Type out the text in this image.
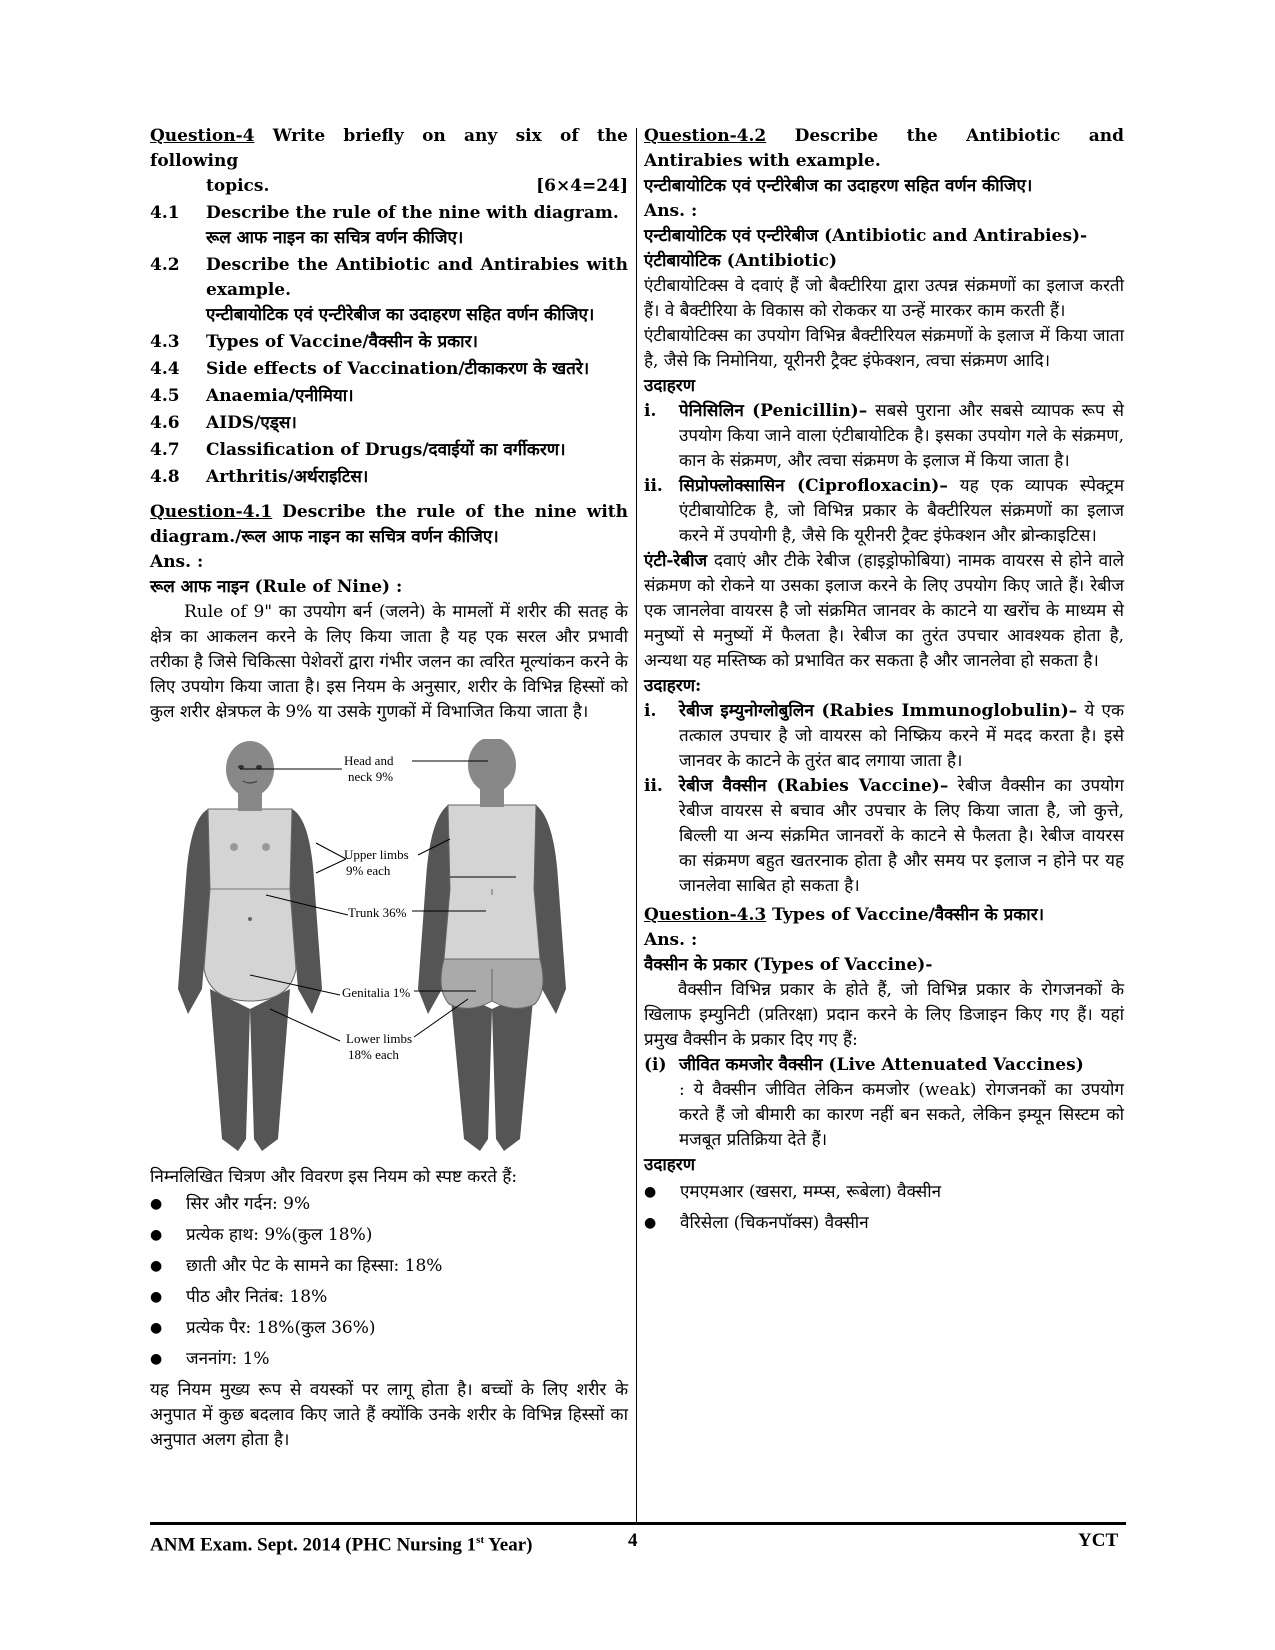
Question-4 Write briefly on any six of the following

topics.	[6×4=24]

4.1	Describe the rule of the nine with diagram.
रूल आफ नाइन का सचित्र वर्णन कीजिए।
4.2	Describe the Antibiotic and Antirabies with example.
एन्टीबायोटिक एवं एन्टीरेबीज का उदाहरण सहित वर्णन कीजिए।
4.3	Types of Vaccine/वैक्सीन के प्रकार।
4.4	Side effects of Vaccination/टीकाकरण के खतरे।
4.5	Anaemia/एनीमिया।
4.6	AIDS/एड्स।
4.7	Classification of Drugs/दवाईयों का वर्गीकरण।
4.8	Arthritis/अर्थराइटिस।

Question-4.1 Describe the rule of the nine with diagram./रूल आफ नाइन का सचित्र वर्णन कीजिए।

Ans. :

रूल आफ नाइन (Rule of Nine) :

Rule of 9" का उपयोग बर्न (जलने) के मामलों में शरीर की सतह के क्षेत्र का आकलन करने के लिए किया जाता है यह एक सरल और प्रभावी तरीका है जिसे चिकित्सा पेशेवरों द्वारा गंभीर जलन का त्वरित मूल्यांकन करने के लिए उपयोग किया जाता है। इस नियम के अनुसार, शरीर के विभिन्न हिस्सों को कुल शरीर क्षेत्रफल के 9% या उसके गुणकों में विभाजित किया जाता है।

Head and
neck 9%
Upper limbs
9% each
Trunk 36%
Genitalia 1%
Lower limbs
18% each

निम्नलिखित चित्रण और विवरण इस नियम को स्पष्ट करते हैं:

●	सिर और गर्दन: 9%
●	प्रत्येक हाथ: 9%(कुल 18%)
●	छाती और पेट के सामने का हिस्सा: 18%
●	पीठ और नितंब: 18%
●	प्रत्येक पैर: 18%(कुल 36%)
●	जननांग: 1%

यह नियम मुख्य रूप से वयस्कों पर लागू होता है। बच्चों के लिए शरीर के अनुपात में कुछ बदलाव किए जाते हैं क्योंकि उनके शरीर के विभिन्न हिस्सों का अनुपात अलग होता है।

Question-4.2 Describe the Antibiotic and Antirabies with example.

एन्टीबायोटिक एवं एन्टीरेबीज का उदाहरण सहित वर्णन कीजिए।

Ans. :

एन्टीबायोटिक एवं एन्टीरेबीज (Antibiotic and Antirabies)-

एंटीबायोटिक (Antibiotic)

एंटीबायोटिक्स वे दवाएं हैं जो बैक्टीरिया द्वारा उत्पन्न संक्रमणों का इलाज करती हैं। वे बैक्टीरिया के विकास को रोककर या उन्हें मारकर काम करती हैं।

एंटीबायोटिक्स का उपयोग विभिन्न बैक्टीरियल संक्रमणों के इलाज में किया जाता है, जैसे कि निमोनिया, यूरीनरी ट्रैक्ट इंफेक्शन, त्वचा संक्रमण आदि।

उदाहरण

i.	पेनिसिलिन (Penicillin)– सबसे पुराना और सबसे व्यापक रूप से उपयोग किया जाने वाला एंटीबायोटिक है। इसका उपयोग गले के संक्रमण, कान के संक्रमण, और त्वचा संक्रमण के इलाज में किया जाता है।
ii. सिप्रोफ्लोक्सासिन (Ciprofloxacin)– यह एक व्यापक स्पेक्ट्रम एंटीबायोटिक है, जो विभिन्न प्रकार के बैक्टीरियल संक्रमणों का इलाज करने में उपयोगी है, जैसे कि यूरीनरी ट्रैक्ट इंफेक्शन और ब्रोन्काइटिस।

एंटी-रेबीज दवाएं और टीके रेबीज (हाइड्रोफोबिया) नामक वायरस से होने वाले संक्रमण को रोकने या उसका इलाज करने के लिए उपयोग किए जाते हैं। रेबीज एक जानलेवा वायरस है जो संक्रमित जानवर के काटने या खरोंच के माध्यम से मनुष्यों से मनुष्यों में फैलता है। रेबीज का तुरंत उपचार आवश्यक होता है, अन्यथा यह मस्तिष्क को प्रभावित कर सकता है और जानलेवा हो सकता है।

उदाहरण:

i.	रेबीज इम्युनोग्लोबुलिन (Rabies Immunoglobulin)– ये एक तत्काल उपचार है जो वायरस को निष्क्रिय करने में मदद करता है। इसे जानवर के काटने के तुरंत बाद लगाया जाता है।
ii. रेबीज वैक्सीन (Rabies Vaccine)– रेबीज वैक्सीन का उपयोग रेबीज वायरस से बचाव और उपचार के लिए किया जाता है, जो कुत्ते, बिल्ली या अन्य संक्रमित जानवरों के काटने से फैलता है। रेबीज वायरस का संक्रमण बहुत खतरनाक होता है और समय पर इलाज न होने पर यह जानलेवा साबित हो सकता है।

Question-4.3 Types of Vaccine/वैक्सीन के प्रकार।

Ans. :

वैक्सीन के प्रकार (Types of Vaccine)-

वैक्सीन विभिन्न प्रकार के होते हैं, जो विभिन्न प्रकार के रोगजनकों के खिलाफ इम्युनिटी (प्रतिरक्षा) प्रदान करने के लिए डिजाइन किए गए हैं। यहां प्रमुख वैक्सीन के प्रकार दिए गए हैं:

(i) जीवित कमजोर वैक्सीन (Live Attenuated Vaccines)
: ये वैक्सीन जीवित लेकिन कमजोर (weak) रोगजनकों का उपयोग करते हैं जो बीमारी का कारण नहीं बन सकते, लेकिन इम्यून सिस्टम को मजबूत प्रतिक्रिया देते हैं।

उदाहरण

●	एमएमआर (खसरा, मम्प्स, रूबेला) वैक्सीन
●	वैरिसेला (चिकनपॉक्स) वैक्सीन
ANM Exam. Sept. 2014 (PHC Nursing 1st Year)	4	YCT
